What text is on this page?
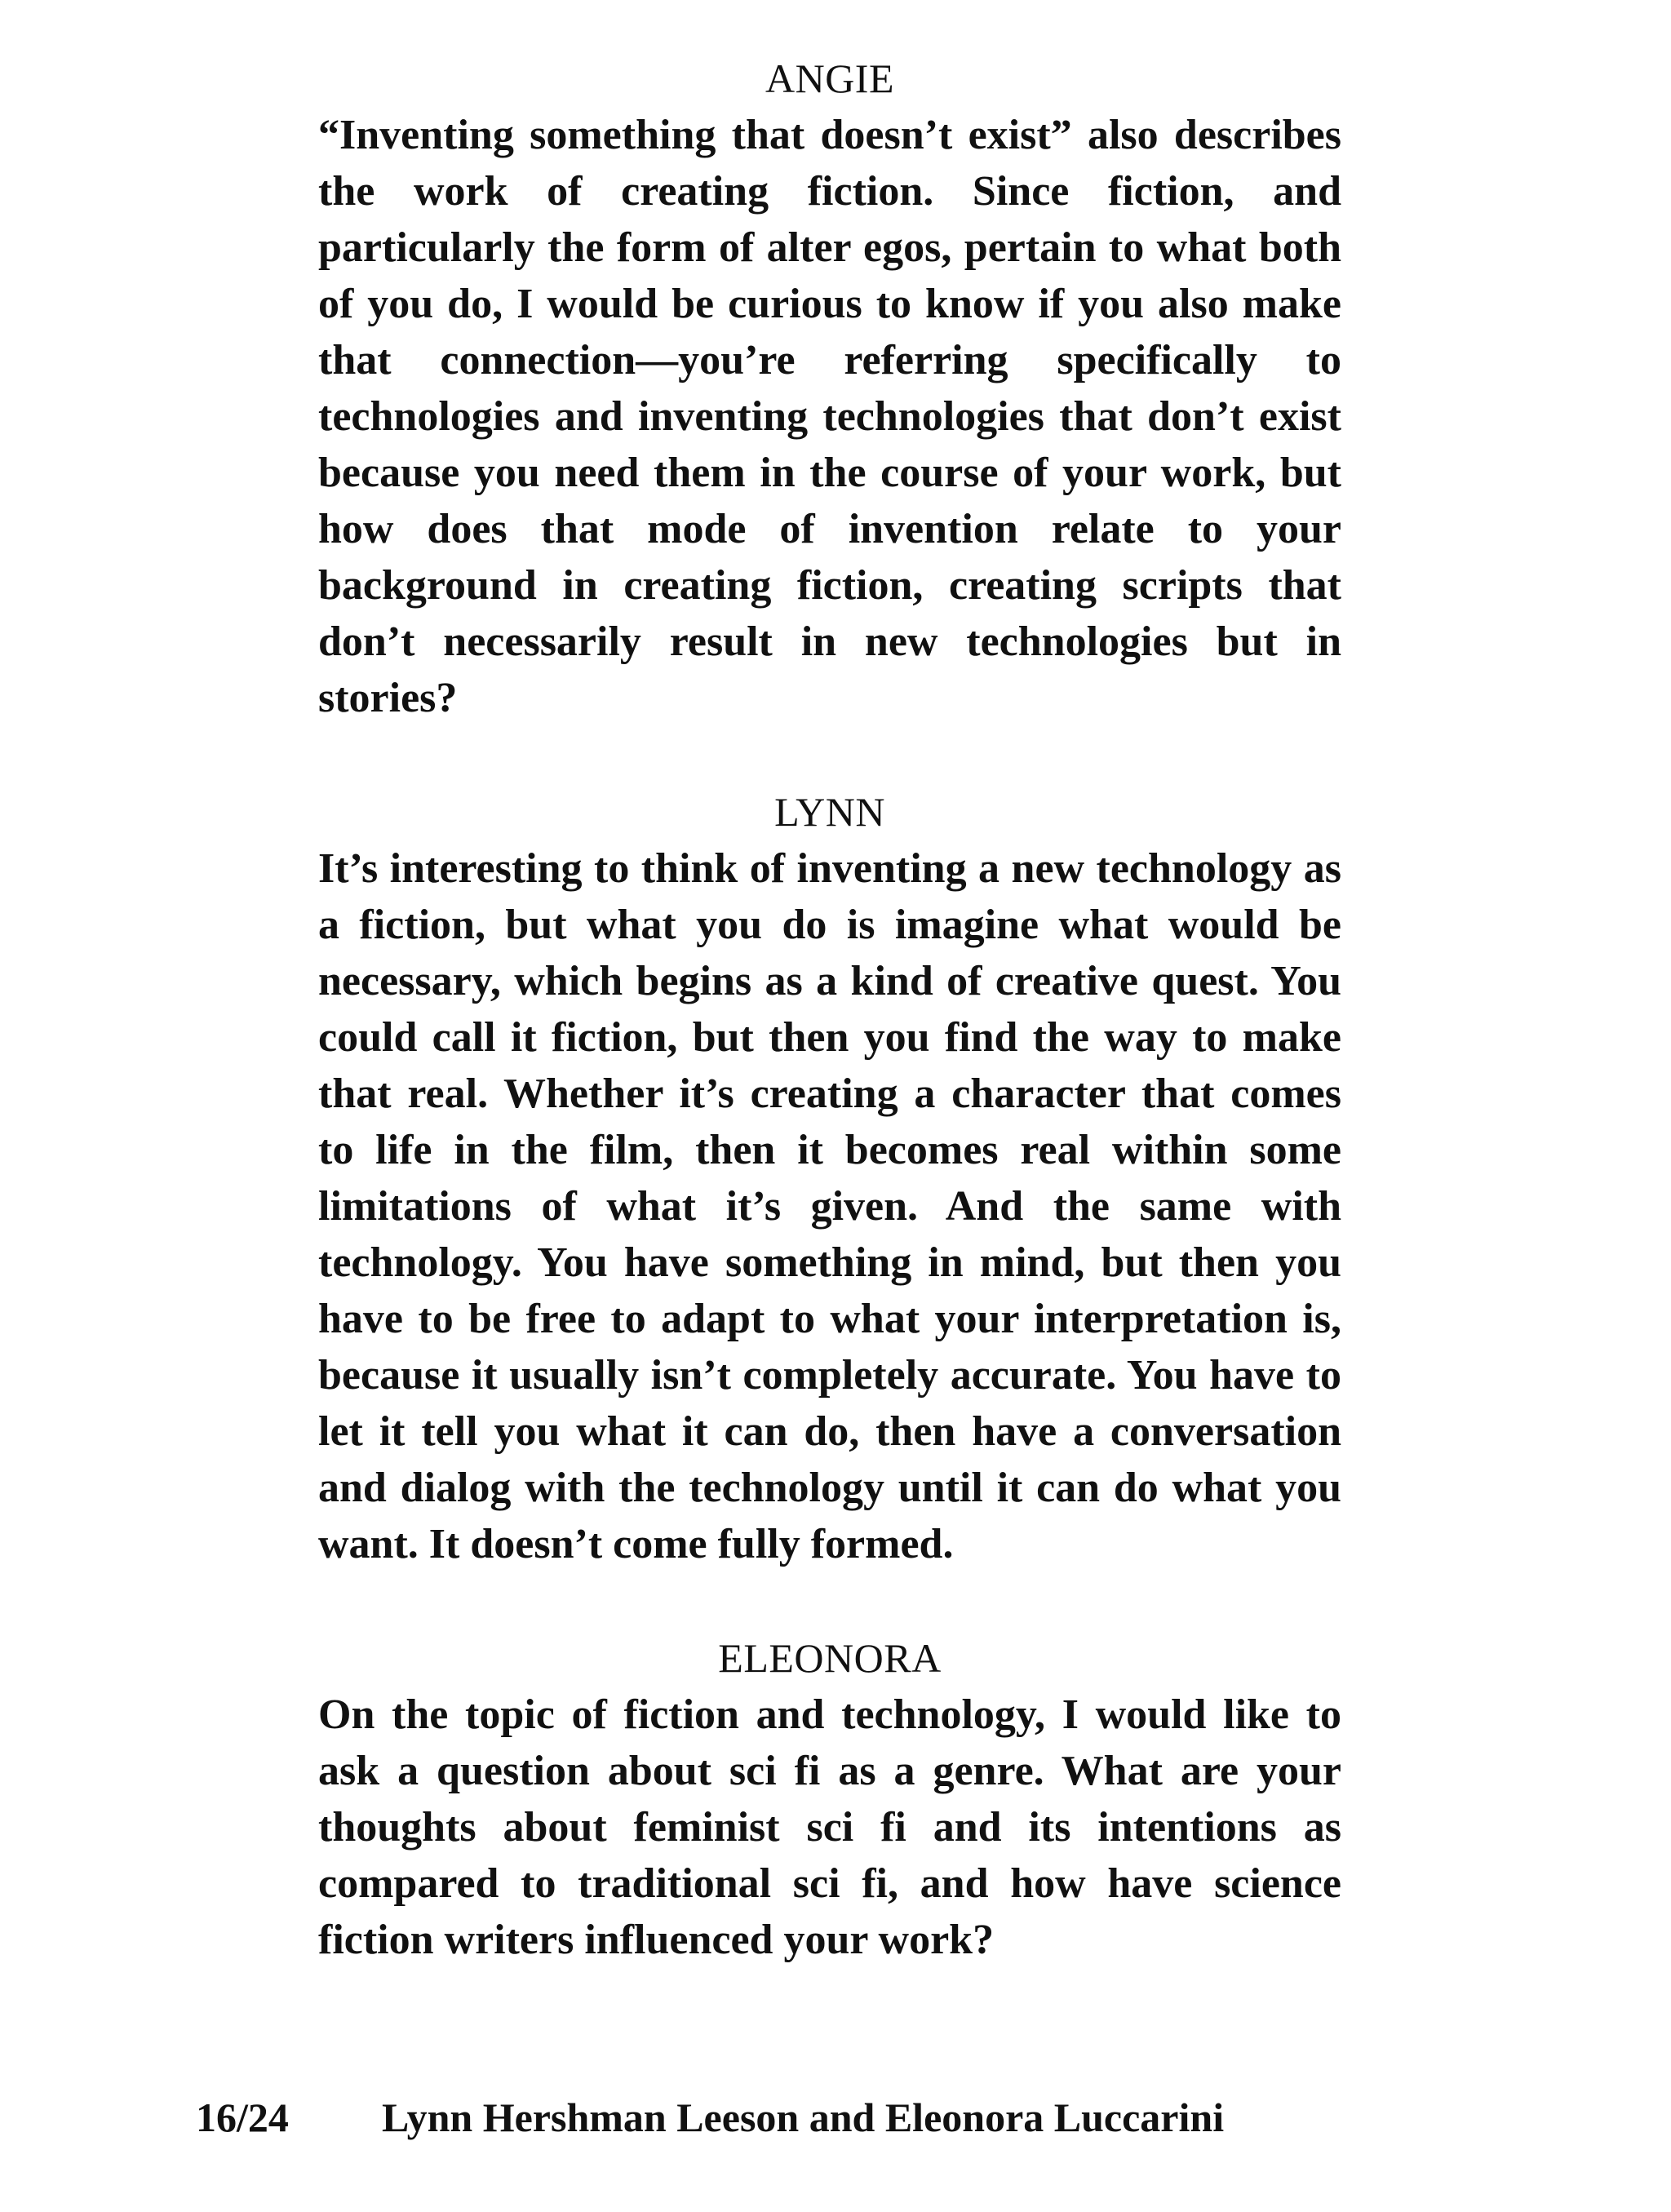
ANGIE

“Inventing something that doesn’t exist” also describes the work of creating fiction. Since fiction, and particularly the form of alter egos, pertain to what both of you do, I would be curious to know if you also make that connection—you’re referring specifically to technologies and inventing technologies that don’t exist because you need them in the course of your work, but how does that mode of invention relate to your background in creating fiction, creating scripts that don’t necessarily result in new technologies but in stories?

LYNN

It’s interesting to think of inventing a new technology as a fiction, but what you do is imagine what would be necessary, which begins as a kind of creative quest. You could call it fiction, but then you find the way to make that real. Whether it’s creating a character that comes to life in the film, then it becomes real within some limitations of what it’s given. And the same with technology. You have something in mind, but then you have to be free to adapt to what your interpretation is, because it usually isn’t completely accurate. You have to let it tell you what it can do, then have a conversation and dialog with the technology until it can do what you want. It doesn’t come fully formed.

ELEONORA

On the topic of fiction and technology, I would like to ask a question about sci fi as a genre. What are your thoughts about feminist sci fi and its intentions as compared to traditional sci fi, and how have science fiction writers influenced your work?

16/24 Lynn Hershman Leeson and Eleonora Luccarini
